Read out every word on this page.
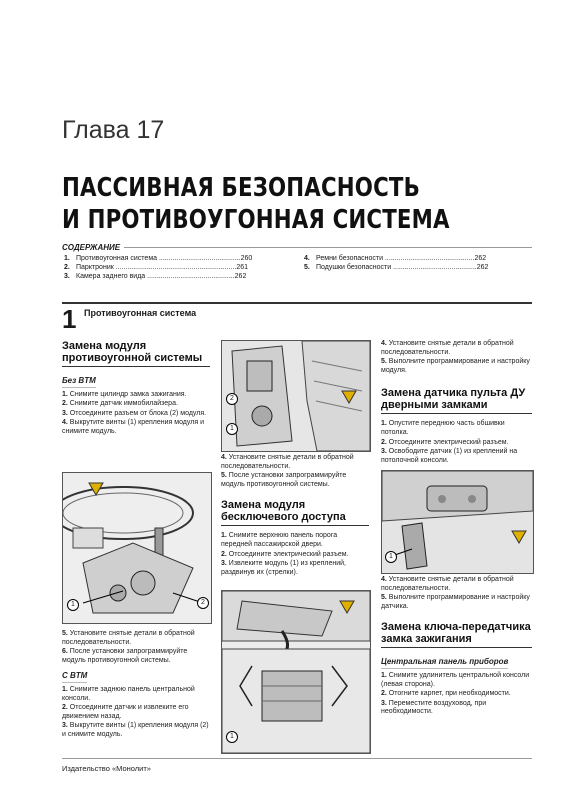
Глава 17
ПАССИВНАЯ БЕЗОПАСНОСТЬ
И ПРОТИВОУГОННАЯ СИСТЕМА
СОДЕРЖАНИЕ
1. Противоугонная система ..........................................260
2. Парктроник ..............................................................261
3. Камера заднего вида .............................................262
4. Ремни безопасности ..............................................262
5. Подушки безопасности ...........................................262
1 Противоугонная система
Замена модуля противоугонной системы
Без BTM
1. Снимите цилиндр замка зажигания.
2. Снимите датчик иммобилайзера.
3. Отсоедините разъем от блока (2) модуля.
4. Выкрутите винты (1) крепления модуля и снимите модуль.
1	2
5. Установите снятые детали в обратной последовательности.
6. После установки запрограммируйте модуль противоугонной системы.
С BTM
1. Снимите заднюю панель центральной консоли.
2. Отсоедините датчик и извлеките его движением назад.
3. Выкрутите винты (1) крепления модуля (2) и снимите модуль.
2
1
4. Установите снятые детали в обратной последовательности.
5. После установки запрограммируйте модуль противоугонной системы.
Замена модуля бесключевого доступа
1. Снимите верхнюю панель порога передней пассажирской двери.
2. Отсоедините электрический разъем.
3. Извлеките модуль (1) из креплений, раздвинув их (стрелки).
1
4. Установите снятые детали в обратной последовательности.
5. Выполните программирование и настройку модуля.
Замена датчика пульта ДУ дверными замками
1. Опустите переднюю часть обшивки потолка.
2. Отсоедините электрический разъем.
3. Освободите датчик (1) из креплений на потолочной консоли.
1
4. Установите снятые детали в обратной последовательности.
5. Выполните программирование и настройку датчика.
Замена ключа-передатчика замка зажигания
Центральная панель приборов
1. Снимите удлинитель центральной консоли (левая сторона).
2. Отогните карпет, при необходимости.
3. Переместите воздуховод, при необходимости.
Издательство «Монолит»
